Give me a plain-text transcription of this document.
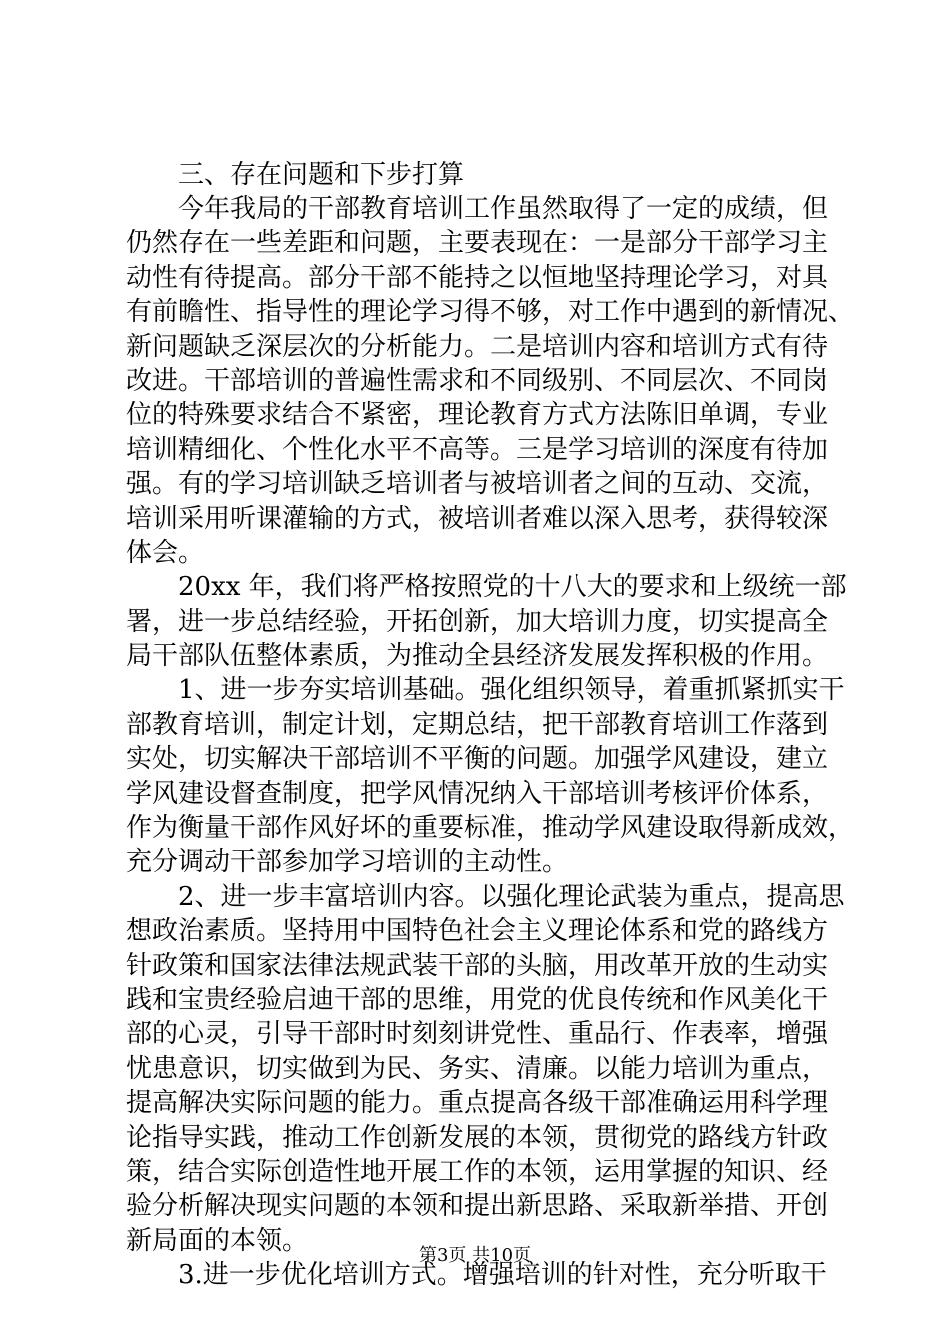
三、存在问题和下步打算
今年我局的干部教育培训工作虽然取得了一定的成绩，但
仍然存在一些差距和问题，主要表现在：一是部分干部学习主
动性有待提高。部分干部不能持之以恒地坚持理论学习，对具
有前瞻性、指导性的理论学习得不够，对工作中遇到的新情况、
新问题缺乏深层次的分析能力。二是培训内容和培训方式有待
改进。干部培训的普遍性需求和不同级别、不同层次、不同岗
位的特殊要求结合不紧密，理论教育方式方法陈旧单调，专业
培训精细化、个性化水平不高等。三是学习培训的深度有待加
强。有的学习培训缺乏培训者与被培训者之间的互动、交流，
培训采用听课灌输的方式，被培训者难以深入思考，获得较深
体会。
20xx 年，我们将严格按照党的十八大的要求和上级统一部
署，进一步总结经验，开拓创新，加大培训力度，切实提高全
局干部队伍整体素质，为推动全县经济发展发挥积极的作用。
1、进一步夯实培训基础。强化组织领导，着重抓紧抓实干
部教育培训，制定计划，定期总结，把干部教育培训工作落到
实处，切实解决干部培训不平衡的问题。加强学风建设，建立
学风建设督查制度，把学风情况纳入干部培训考核评价体系，
作为衡量干部作风好坏的重要标准，推动学风建设取得新成效，
充分调动干部参加学习培训的主动性。
2、进一步丰富培训内容。以强化理论武装为重点，提高思
想政治素质。坚持用中国特色社会主义理论体系和党的路线方
针政策和国家法律法规武装干部的头脑，用改革开放的生动实
践和宝贵经验启迪干部的思维，用党的优良传统和作风美化干
部的心灵，引导干部时时刻刻讲党性、重品行、作表率，增强
忧患意识，切实做到为民、务实、清廉。以能力培训为重点，
提高解决实际问题的能力。重点提高各级干部准确运用科学理
论指导实践，推动工作创新发展的本领，贯彻党的路线方针政
策，结合实际创造性地开展工作的本领，运用掌握的知识、经
验分析解决现实问题的本领和提出新思路、采取新举措、开创
新局面的本领。
3.进一步优化培训方式。增强培训的针对性，充分听取干
第3页 共10页
